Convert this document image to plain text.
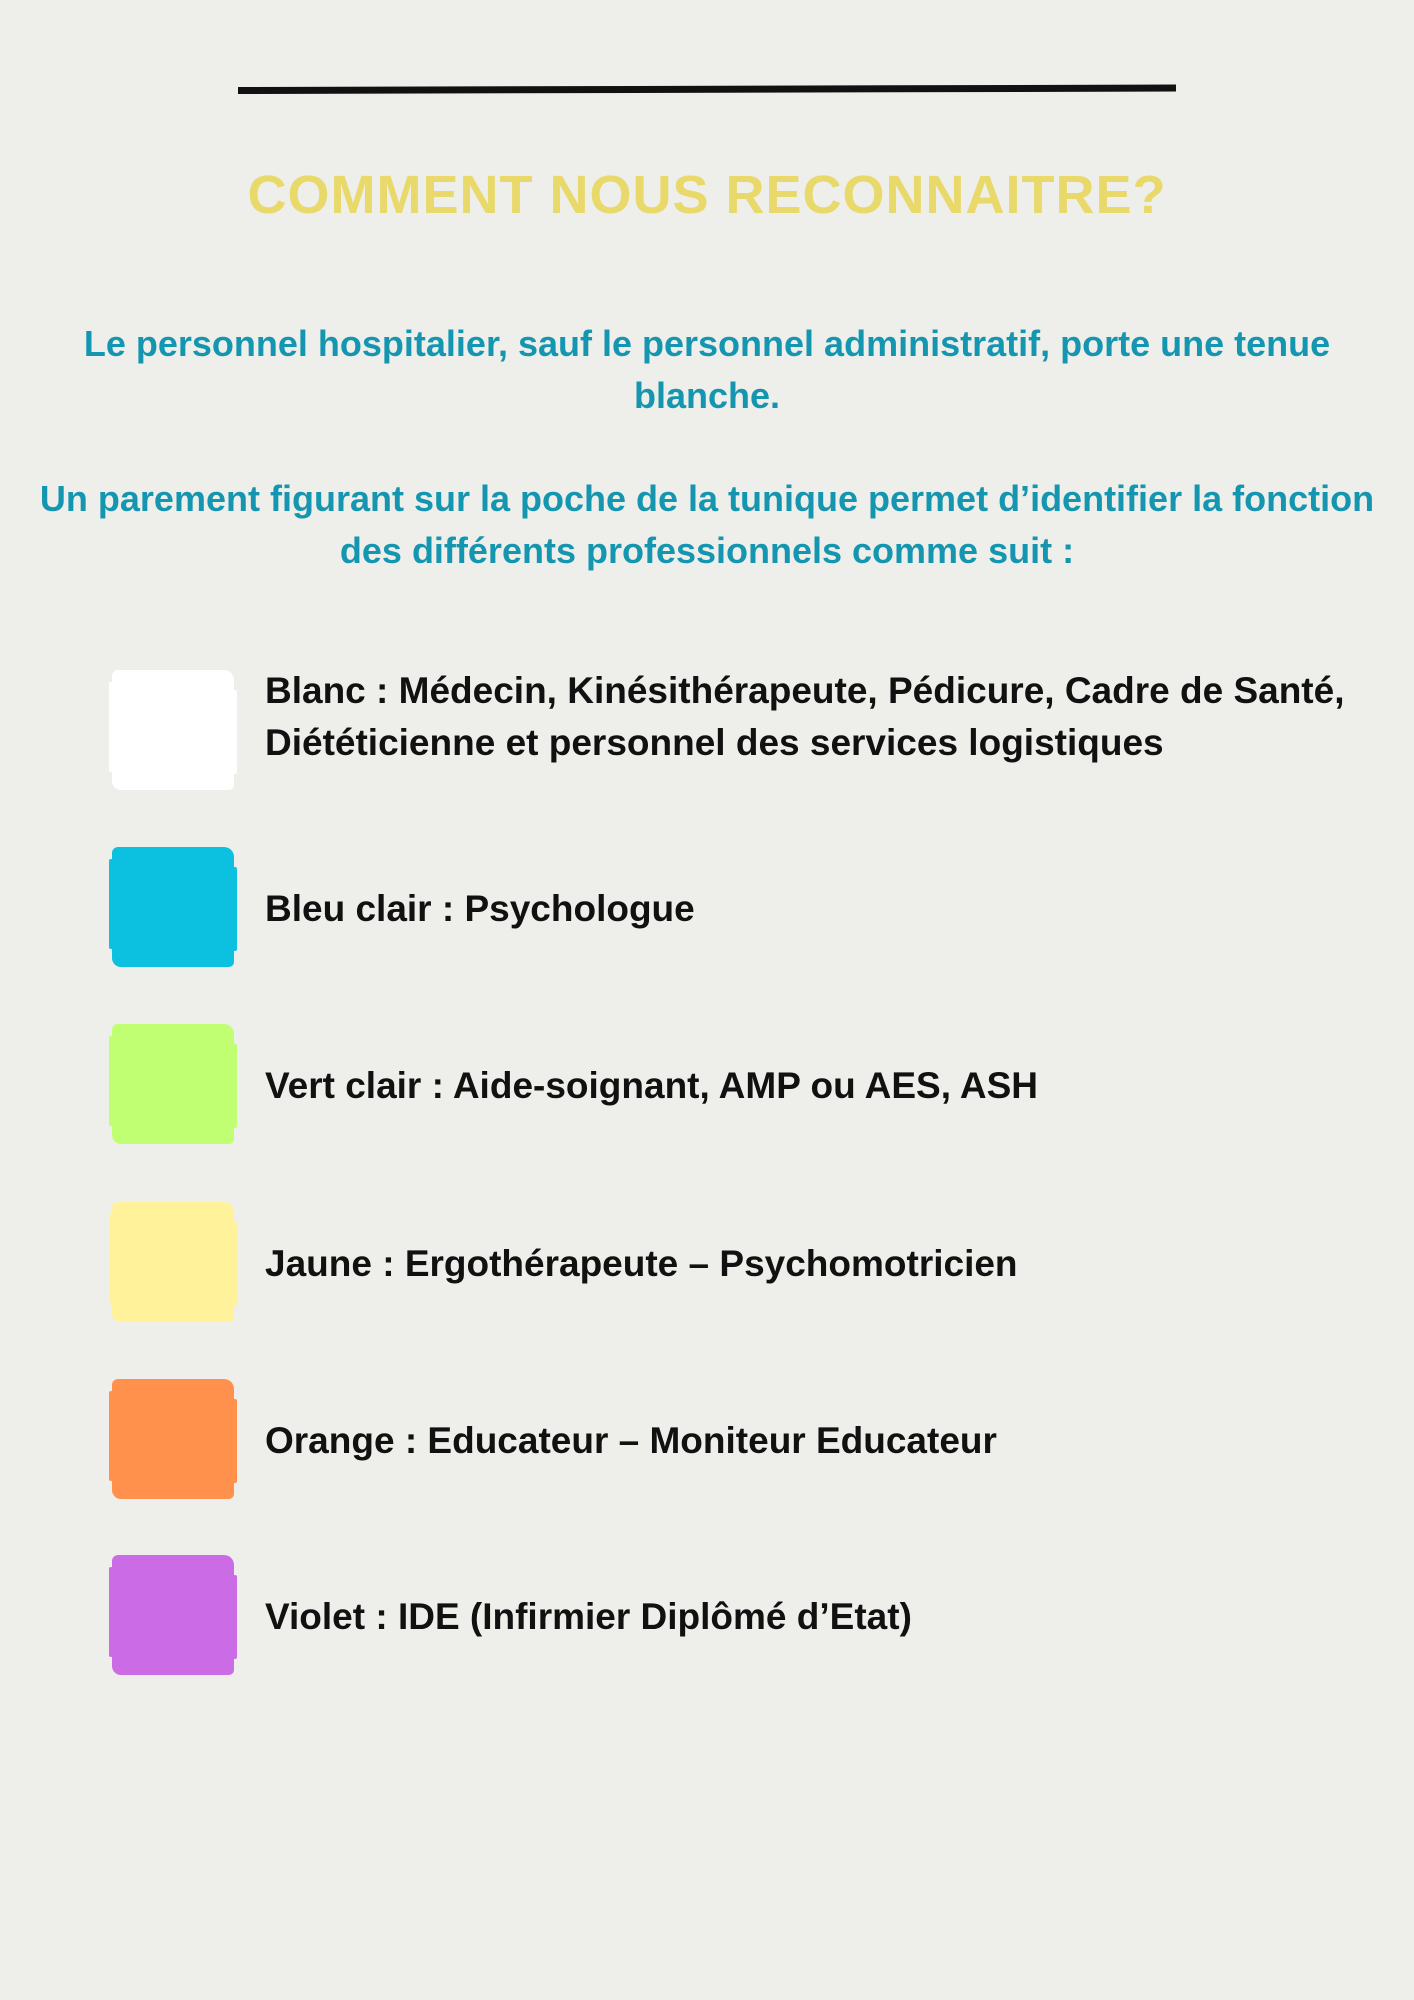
COMMENT NOUS RECONNAITRE?
Le personnel hospitalier, sauf le personnel administratif, porte une tenue blanche.
Un parement figurant sur la poche de la tunique permet d’identifier la fonction des différents professionnels comme suit :
Blanc : Médecin, Kinésithérapeute, Pédicure, Cadre de Santé, Diététicienne et personnel des services logistiques
Bleu clair : Psychologue
Vert clair : Aide-soignant, AMP ou AES, ASH
Jaune : Ergothérapeute – Psychomotricien
Orange : Educateur – Moniteur Educateur
Violet : IDE (Infirmier Diplômé d’Etat)
